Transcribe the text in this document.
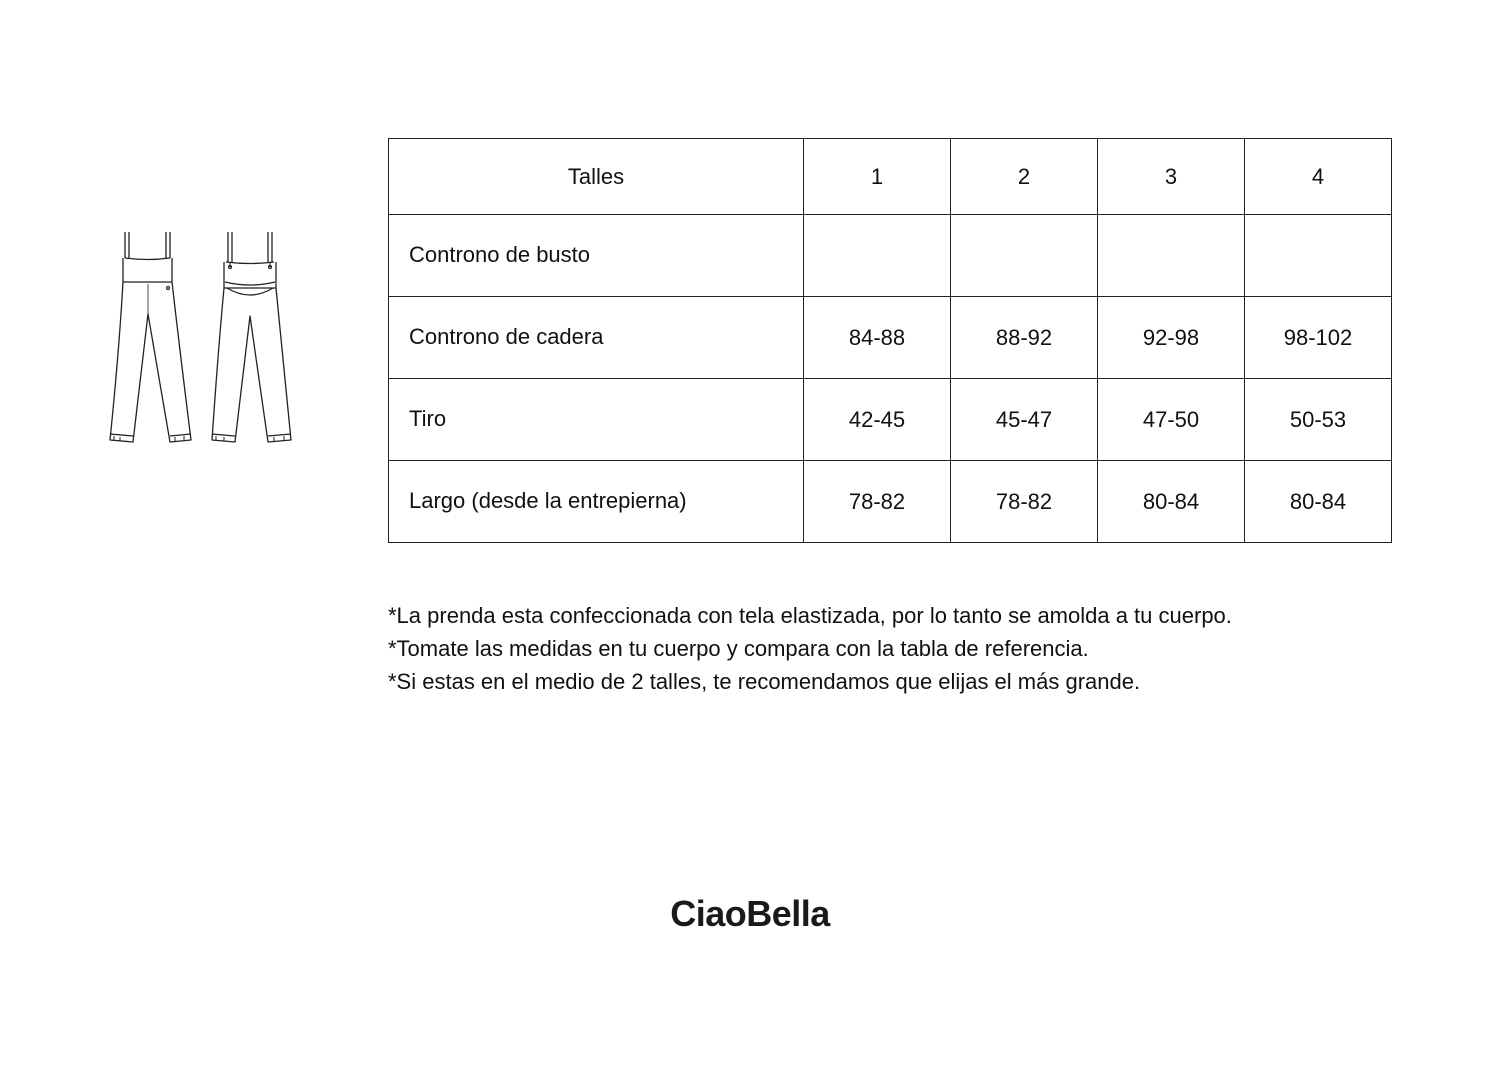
Talles	1	2	3	4
Controno de busto				
Controno de cadera	84-88	88-92	92-98	98-102
Tiro	42-45	45-47	47-50	50-53
Largo (desde la entrepierna)	78-82	78-82	80-84	80-84

*La prenda esta confeccionada con tela elastizada, por lo tanto se amolda a tu cuerpo.

*Tomate las medidas en tu cuerpo y compara con la tabla de referencia.

*Si estas en el medio de 2 talles, te recomendamos que elijas el más grande.

CiaoBella
